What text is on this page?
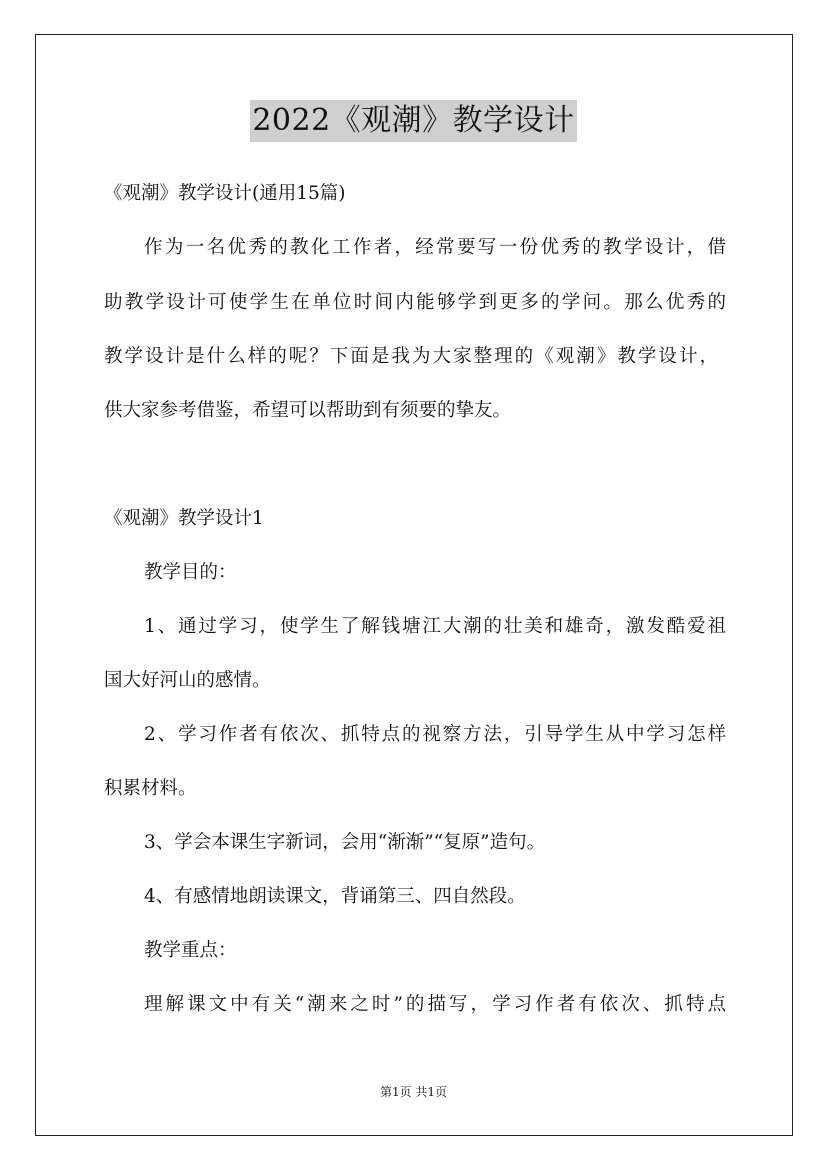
2022《观潮》教学设计
《观潮》教学设计(通用15篇)
作为一名优秀的教化工作者，经常要写一份优秀的教学设计，借
助教学设计可使学生在单位时间内能够学到更多的学问。那么优秀的
教学设计是什么样的呢？下面是我为大家整理的《观潮》教学设计，
供大家参考借鉴，希望可以帮助到有须要的挚友。
《观潮》教学设计1
教学目的：
1、通过学习，使学生了解钱塘江大潮的壮美和雄奇，激发酷爱祖
国大好河山的感情。
2、学习作者有依次、抓特点的视察方法，引导学生从中学习怎样
积累材料。
3、学会本课生字新词，会用“渐渐”“复原”造句。
4、有感情地朗读课文，背诵第三、四自然段。
教学重点：
理解课文中有关“潮来之时”的描写，学习作者有依次、抓特点
第1页 共1页
